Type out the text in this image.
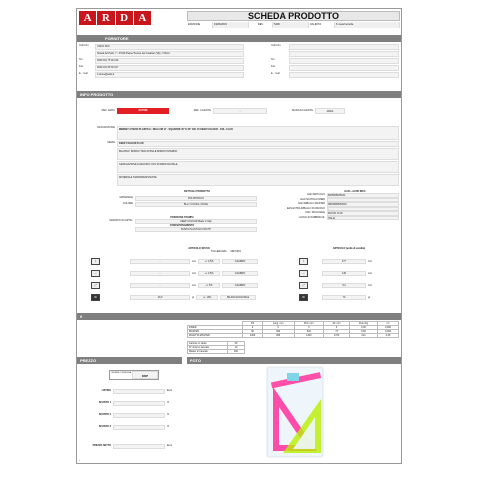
A R D A	SCHEDA PRODOTTO
EDIZIONE	19/06/2015	REV	5406	VALIDITA'	6 mesi/mensile
FORNITORE
Indirizzo	ARDA SPA
Strada del Pasti, 7 - 37049 Paese/Treviso dei Cavalieri (VE) - ITALIA
Tel.	0039 041 75 30 106
Fax	0039 041 59 30 107
E - mail	b.drone@arda.it
Indirizzo
Tel.
Fax
E - mail
INFO PRODOTTO
REF. ARDA	KC7063	REF. CLIENTE	-	MARCA/CLIENTE	ARDA
DESCRIZIONE
MINISET 3 PEZZI PLASTICA : RIGA CM 17 - SQUADRE 45° E 60° CM. 15 KEEP COLOUR - COL. FLUO
SERIE	KEEP COLOUR FLUO
BIAUSSO, BORDO TRACCHINA E BORDO INTERNO
GRADUAZIONE E DECORO CON STAMPA DIGITALE
MATERIALE TERMORESISTENTE
DETTAGLI PRODOTTO
MATERIALE	POLISTIROLO
COLORE	BLU / FUCSIA / ROSA
POSIZIONE STAMPA
MARCHIO SU ARTIC.	KEEP COLOUR Made in Italy
CONFEZIONAMENTO
BUSTA PLASTICA CON HP
EAN + ALTRI INFO
EAN ARTICOLO	8005668005042
EAN SCATOLA INNER
EAN IMBALLO MASTER	08005668053004
EAN EXTRA IMBALLO D'ANCIOLO	-
COD. DOGANALE	901720 10 00
LUOGO DI FABBRICAZ.	ITALIA
ARTICOLO SFUSO
TOLLERANZA METODO
↕	-	mm	+/- 0,5%	CALIBRO
↔	-	mm	+/- 0,5%	CALIBRO
⤢	-	mm	+/- 5%	CALIBRO
⚖	40,0	gr	+/- 10%	BILANCIA DIGITALE
ARTICOLO (unità di vendita)
↕	277	mm
↔	145	mm
⤢	5,2	mm
⚖	70	gr
0
	PZ	Lung. mm	Prof. mm	Alt. mm	Peso Kg	m³
INNER	0	0	0	0	0,00	0,000
MASTER	60	300	520	73	9,60	0,004
PALETTA MASTER	2400	286	1200	1370	214	0,46
Cartone in strato	40
N° strati in bancale	10
Master in bancale	400
PREZZO
TERMINI CONSEGNA
DDP
LISTINO	Euro
SCONTO 1	%
SCONTO 2	%
SCONTO 3	%
PREZZO NETTO	Euro
FOTO
▪
